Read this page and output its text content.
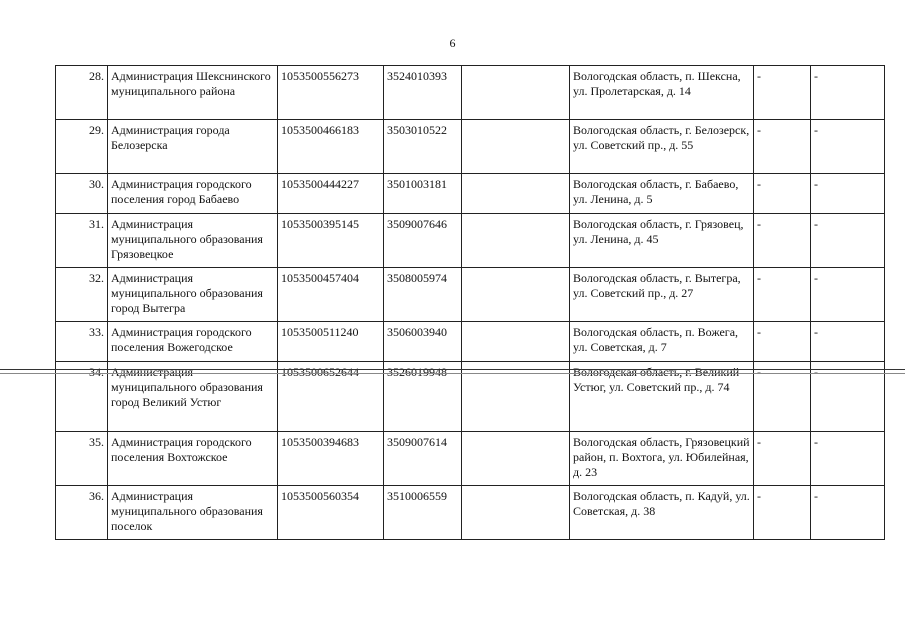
6
28.	Администрация Шекснинского муниципального района	1053500556273	3524010393		Вологодская область, п. Шексна, ул. Пролетарская, д. 14	-	-
29.	Администрация города Белозерска	1053500466183	3503010522		Вологодская область, г. Белозерск, ул. Советский пр., д. 55	-	-
30.	Администрация городского поселения город Бабаево	1053500444227	3501003181		Вологодская область, г. Бабаево, ул. Ленина, д. 5	-	-
31.	Администрация муниципального образования Грязовецкое	1053500395145	3509007646		Вологодская область, г. Грязовец, ул. Ленина, д. 45	-	-
32.	Администрация муниципального образования город Вытегра	1053500457404	3508005974		Вологодская область, г. Вытегра, ул. Советский пр., д. 27	-	-
33.	Администрация городского поселения Вожегодское	1053500511240	3506003940		Вологодская область, п. Вожега, ул. Советская, д. 7	-	-
34.	Администрация муниципального образования город Великий Устюг	1053500652644	3526019948		Вологодская область, г. Великий Устюг, ул. Советский пр., д. 74	-	-
35.	Администрация городского поселения Вохтожское	1053500394683	3509007614		Вологодская область, Грязовецкий район, п. Вохтога, ул. Юбилейная, д. 23	-	-
36.	Администрация муниципального образования поселок	1053500560354	3510006559		Вологодская область, п. Кадуй, ул. Советская, д. 38	-	-
